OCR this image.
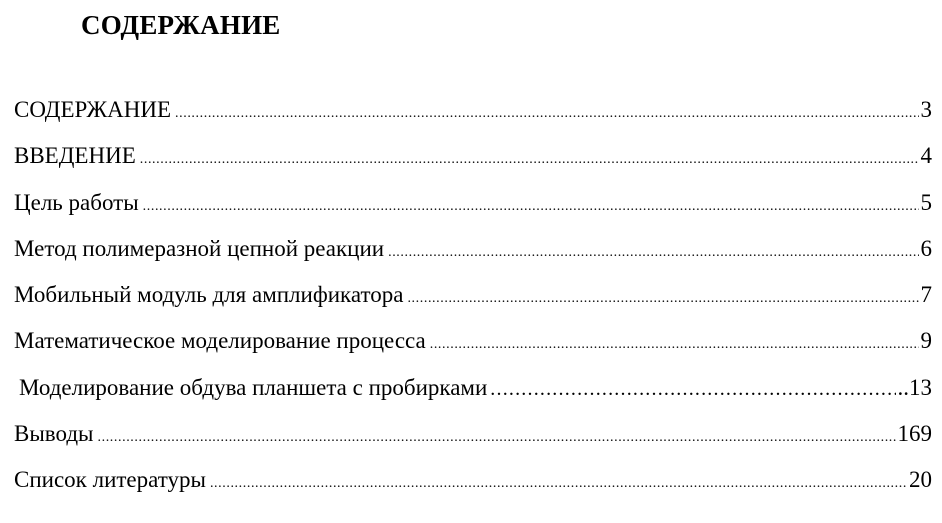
СОДЕРЖАНИЕ
СОДЕРЖАНИЕ .....	3
ВВЕДЕНИЕ .....	4
Цель работы .....	5
Метод полимеразной цепной реакции .....	6
Мобильный модуль для амплификатора .....	7
Математическое моделирование процесса .....	9
Моделирование обдува планшета с пробирками .....	..13
Выводы .....	169
Список литературы .....	20
